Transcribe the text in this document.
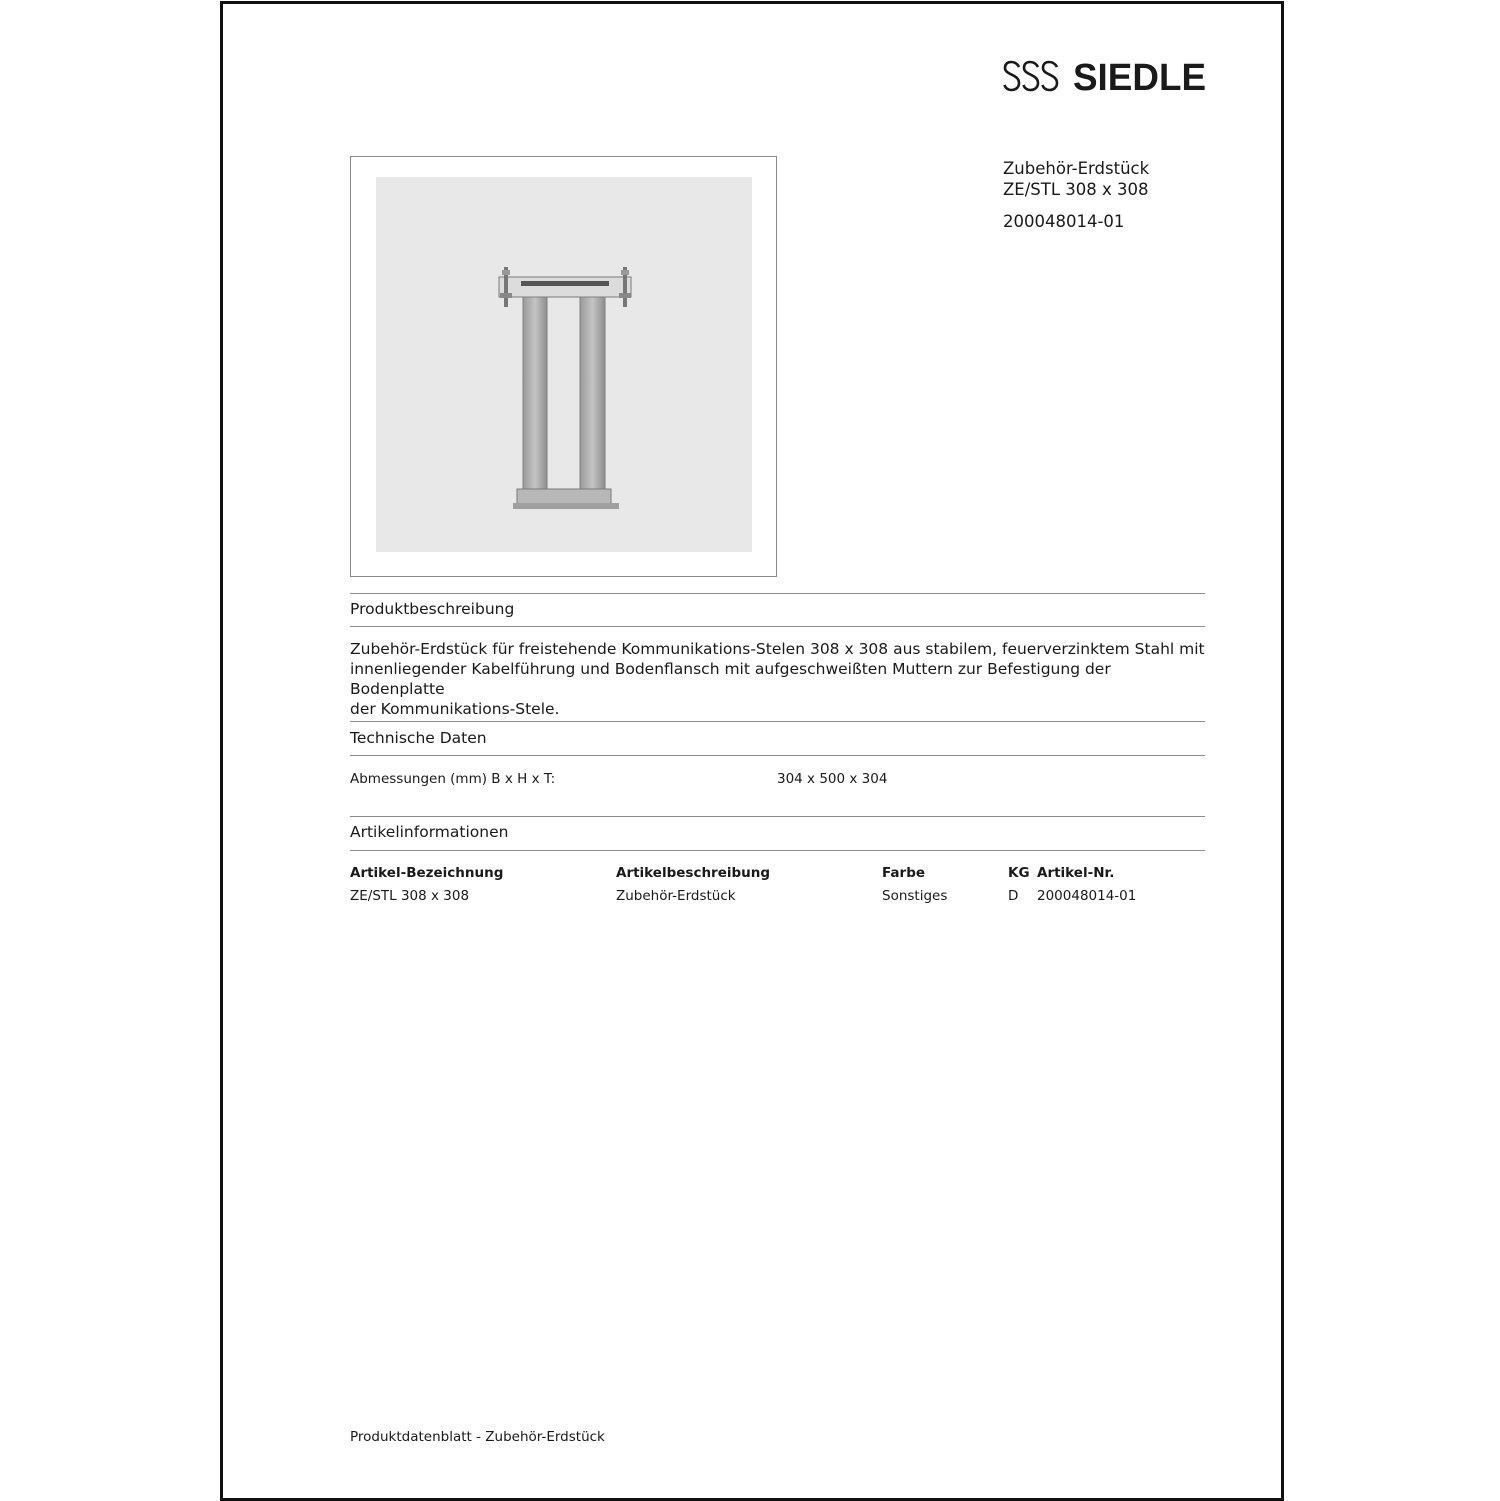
SIEDLE
Zubehör-Erdstück
ZE/STL 308 x 308
200048014-01
Produktbeschreibung
Zubehör-Erdstück für freistehende Kommunikations-Stelen 308 x 308 aus stabilem, feuerverzinktem Stahl mit
innenliegender Kabelführung und Bodenflansch mit aufgeschweißten Muttern zur Befestigung der Bodenplatte
der Kommunikations-Stele.
Technische Daten
Abmessungen (mm) B x H x T:	304 x 500 x 304
Artikelinformationen
Artikel-Bezeichnung	Artikelbeschreibung	Farbe	KG Artikel-Nr.
ZE/STL 308 x 308	Zubehör-Erdstück	Sonstiges	D 200048014-01
Produktdatenblatt - Zubehör-Erdstück
